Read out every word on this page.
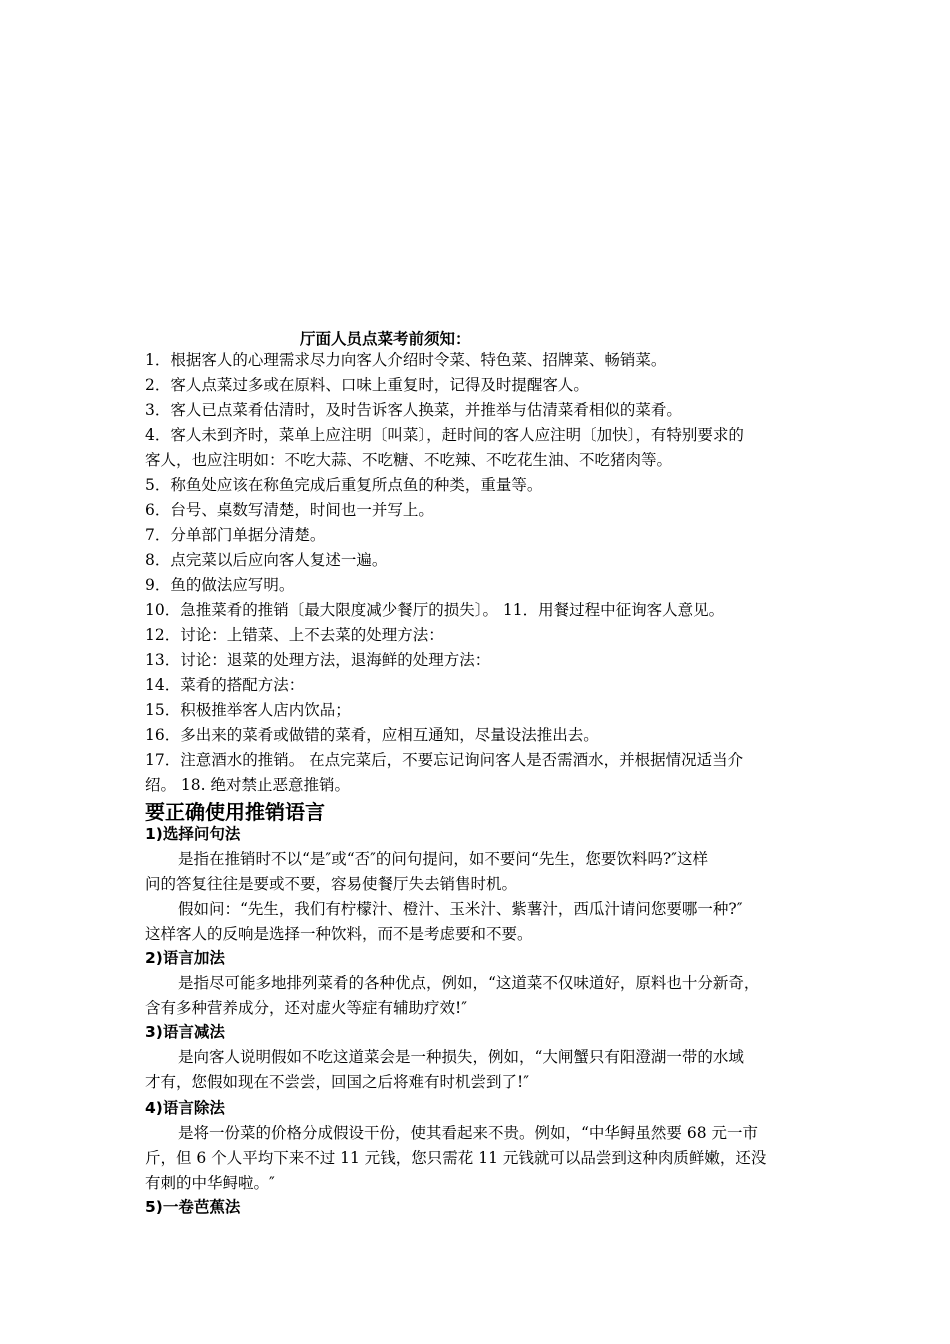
厅面人员点菜考前须知：
1．根据客人的心理需求尽力向客人介绍时令菜、特色菜、招牌菜、畅销菜。
2．客人点菜过多或在原料、口味上重复时，记得及时提醒客人。
3．客人已点菜肴估清时，及时告诉客人换菜，并推举与估清菜肴相似的菜肴。
4．客人未到齐时，菜单上应注明〔叫菜〕，赶时间的客人应注明〔加快〕，有特别要求的
客人，也应注明如：不吃大蒜、不吃糖、不吃辣、不吃花生油、不吃猪肉等。
5．称鱼处应该在称鱼完成后重复所点鱼的种类，重量等。
6．台号、桌数写清楚，时间也一并写上。
7．分单部门单据分清楚。
8．点完菜以后应向客人复述一遍。
9．鱼的做法应写明。
10．急推菜肴的推销〔最大限度减少餐厅的损失〕。 11．用餐过程中征询客人意见。
12．讨论：上错菜、上不去菜的处理方法：
13．讨论：退菜的处理方法，退海鲜的处理方法：
14．菜肴的搭配方法：
15．积极推举客人店内饮品；
16．多出来的菜肴或做错的菜肴，应相互通知，尽量设法推出去。
17．注意酒水的推销。 在点完菜后，不要忘记询问客人是否需酒水，并根据情况适当介
绍。 18. 绝对禁止恶意推销。
要正确使用推销语言
1)选择问句法
是指在推销时不以“是″或“否″的问句提问，如不要问“先生，您要饮料吗?″这样
问的答复往往是要或不要，容易使餐厅失去销售时机。
假如问：“先生，我们有柠檬汁、橙汁、玉米汁、紫薯汁，西瓜汁请问您要哪一种?″
这样客人的反响是选择一种饮料，而不是考虑要和不要。
2)语言加法
是指尽可能多地排列菜肴的各种优点，例如，“这道菜不仅味道好，原料也十分新奇，
含有多种营养成分，还对虚火等症有辅助疗效!″
3)语言减法
是向客人说明假如不吃这道菜会是一种损失，例如，“大闸蟹只有阳澄湖一带的水域
才有，您假如现在不尝尝，回国之后将难有时机尝到了!″
4)语言除法
是将一份菜的价格分成假设干份，使其看起来不贵。例如，“中华鲟虽然要 68 元一市
斤，但 6 个人平均下来不过 11 元钱，您只需花 11 元钱就可以品尝到这种肉质鲜嫩，还没
有刺的中华鲟啦。″
5)一卷芭蕉法
